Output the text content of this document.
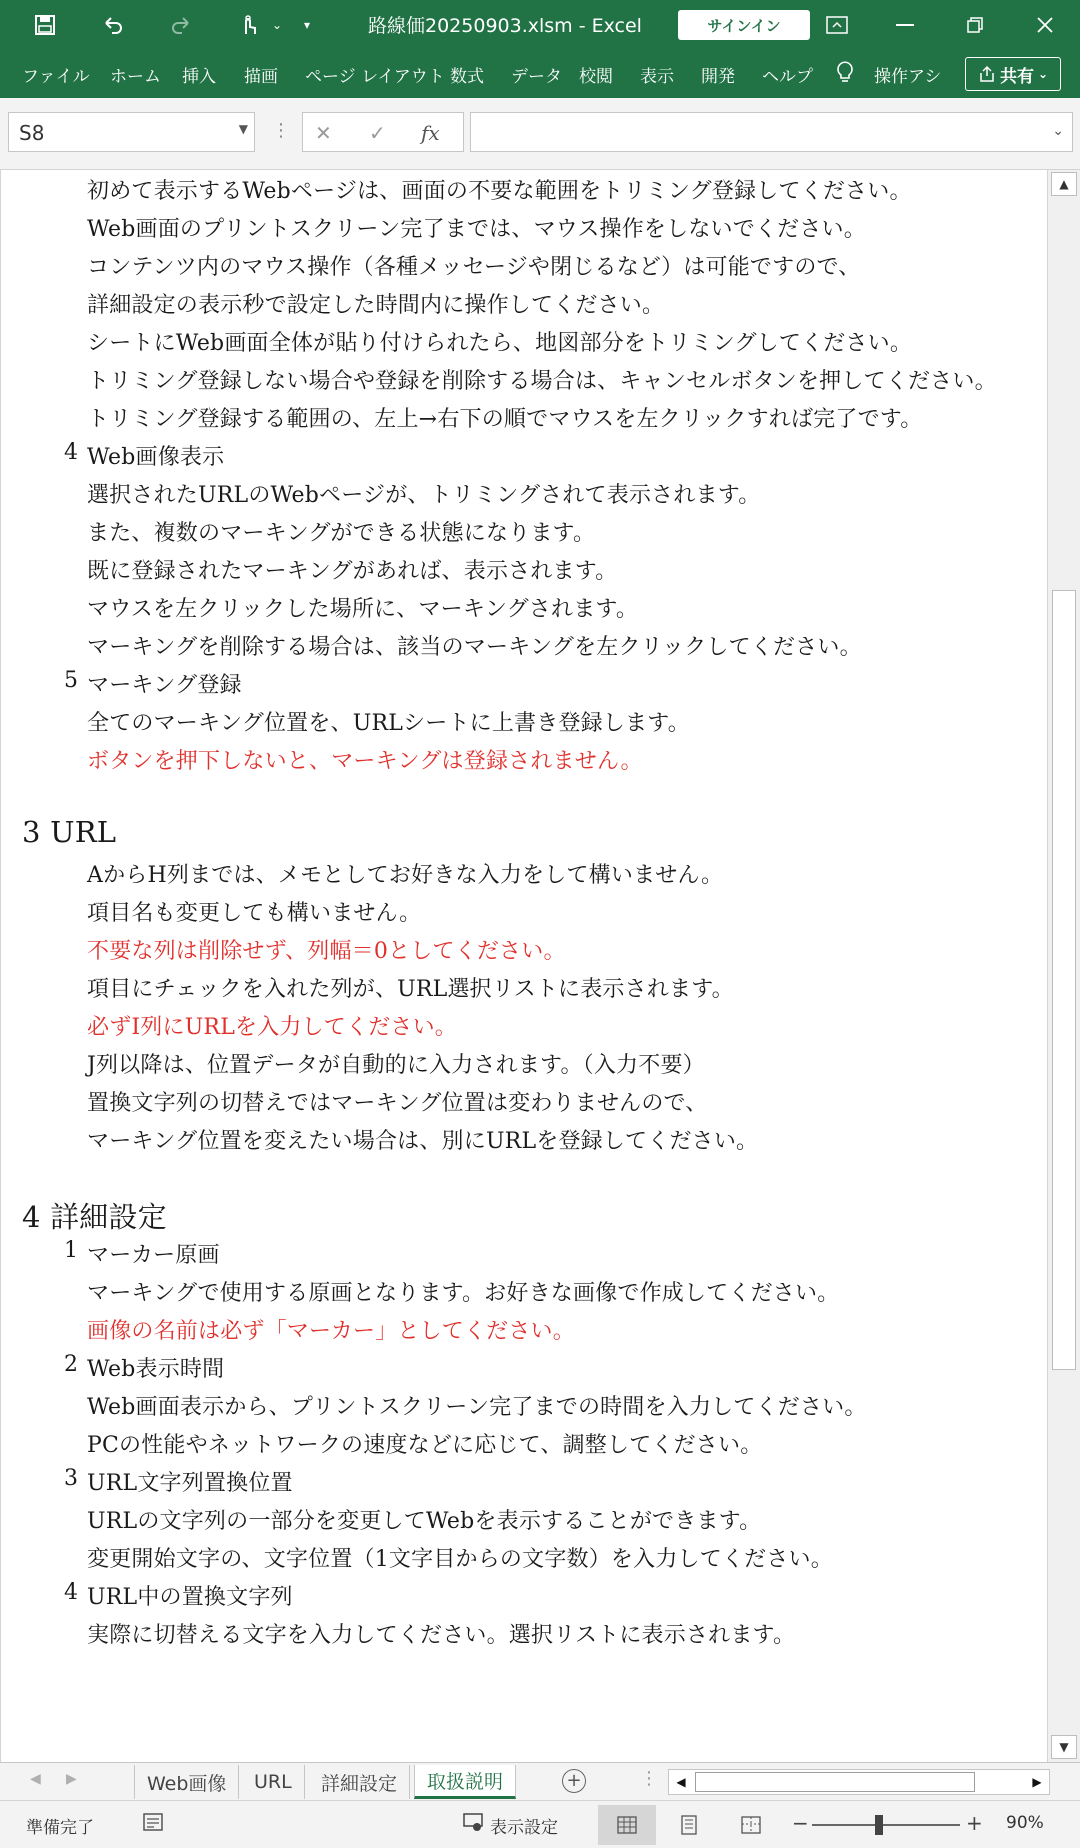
⌄	▾	路線価20250903.xlsm - Excel	サインイン
ファイル ホーム 挿入 描画 ページ レイアウト 数式 データ 校閲 表示 開発 ヘルプ	操作アシ	共有 ⌄
S8	▼ ⋮ ✕ ✓ fx	⌄
初めて表示するWebページは、画面の不要な範囲をトリミング登録してください。
Web画面のプリントスクリーン完了までは、マウス操作をしないでください。
コンテンツ内のマウス操作（各種メッセージや閉じるなど）は可能ですので、
詳細設定の表示秒で設定した時間内に操作してください。
シートにWeb画面全体が貼り付けられたら、地図部分をトリミングしてください。
トリミング登録しない場合や登録を削除する場合は、キャンセルボタンを押してください。
トリミング登録する範囲の、左上→右下の順でマウスを左クリックすれば完了です。
4 Web画像表示
選択されたURLのWebページが、トリミングされて表示されます。
また、複数のマーキングができる状態になります。
既に登録されたマーキングがあれば、表示されます。
マウスを左クリックした場所に、マーキングされます。
マーキングを削除する場合は、該当のマーキングを左クリックしてください。
5 マーキング登録
全てのマーキング位置を、URLシートに上書き登録します。
ボタンを押下しないと、マーキングは登録されません。
3 URL
AからH列までは、メモとしてお好きな入力をして構いません。
項目名も変更しても構いません。
不要な列は削除せず、列幅＝0としてください。
項目にチェックを入れた列が、URL選択リストに表示されます。
必ずI列にURLを入力してください。
J列以降は、位置データが自動的に入力されます。（入力不要）
置換文字列の切替えではマーキング位置は変わりませんので、
マーキング位置を変えたい場合は、別にURLを登録してください。
4 詳細設定
1 マーカー原画
マーキングで使用する原画となります。お好きな画像で作成してください。
画像の名前は必ず「マーカー」としてください。
2 Web表示時間
Web画面表示から、プリントスクリーン完了までの時間を入力してください。
PCの性能やネットワークの速度などに応じて、調整してください。
3 URL文字列置換位置
URLの文字列の一部分を変更してWebを表示することができます。
変更開始文字の、文字位置（1文字目からの文字数）を入力してください。
4 URL中の置換文字列
実際に切替える文字を入力してください。選択リストに表示されます。
▲
▼
◀ ▶	Web画像	URL	詳細設定	取扱説明	+	⋮	◀	▶
準備完了	表示設定	−	+ 90%
